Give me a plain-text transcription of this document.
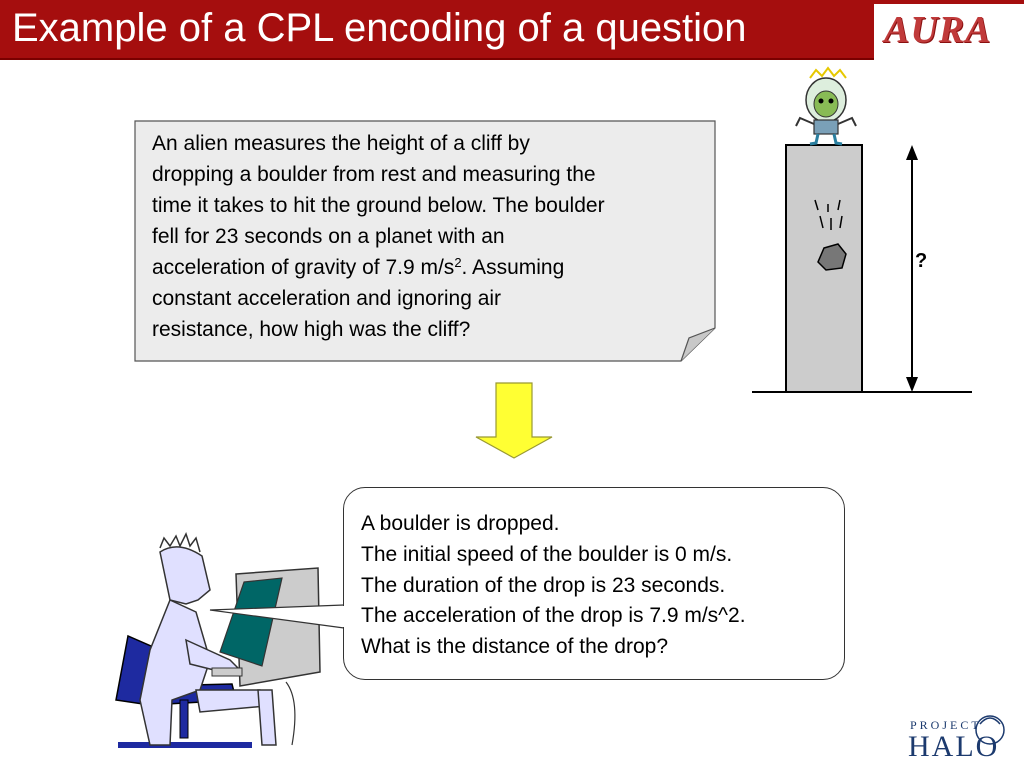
Example of a CPL encoding of a question	AURA
An alien measures the height of a cliff by
dropping a boulder from rest and measuring the
time it takes to hit the ground below. The boulder
fell for 23 seconds on a planet with an
acceleration of gravity of 7.9 $m/s^2$. Assuming
constant acceleration and ignoring air
resistance, how high was the cliff?
?
A boulder is dropped.
The initial speed of the boulder is 0 m/s.
The duration of the drop is 23 seconds.
The acceleration of the drop is 7.9 m/s^2.
What is the distance of the drop?
PROJECT
HALO
